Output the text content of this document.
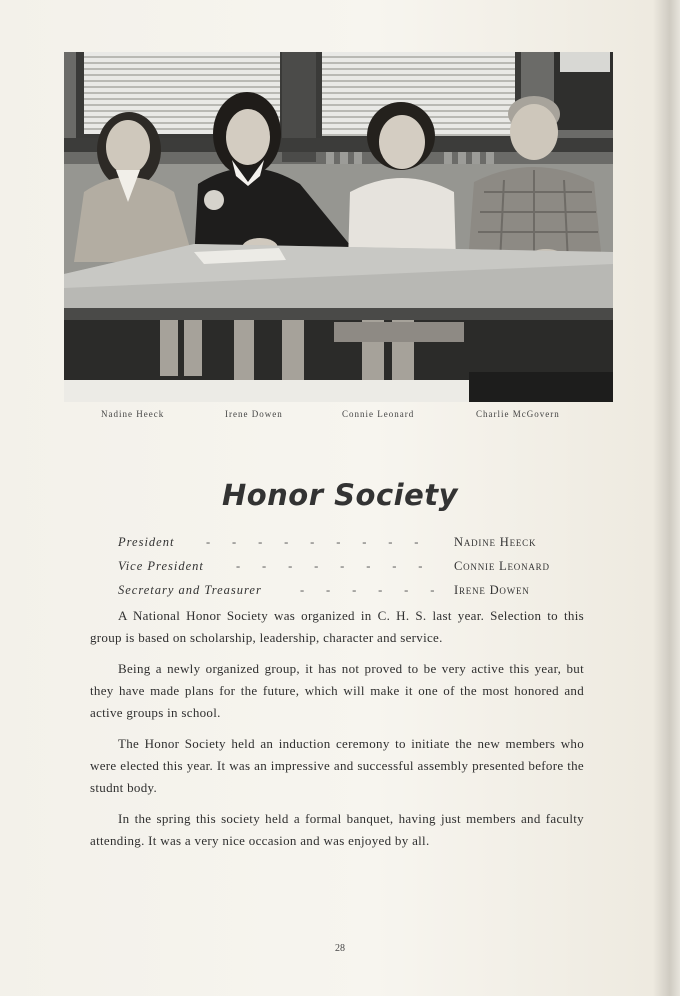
Nadine Heeck	Irene Dowen	Connie Leonard	Charlie McGovern
Honor Society
President	-       -       -       -       -       -       -       -       -	Nadine Heeck
Vice President	-       -       -       -       -       -       -       -	Connie Leonard
Secretary and Treasurer	-       -       -       -       -       - Irene Dowen

A National Honor Society was organized in C. H. S. last year. Selection to this group is based on scholarship, leadership, character and service.

Being a newly organized group, it has not proved to be very active this year, but they have made plans for the future, which will make it one of the most honored and active groups in school.

The Honor Society held an induction ceremony to initiate the new members who were elected this year. It was an impressive and successful assembly presented before the studnt body.

In the spring this society held a formal banquet, having just members and faculty attending. It was a very nice occasion and was enjoyed by all.

28
